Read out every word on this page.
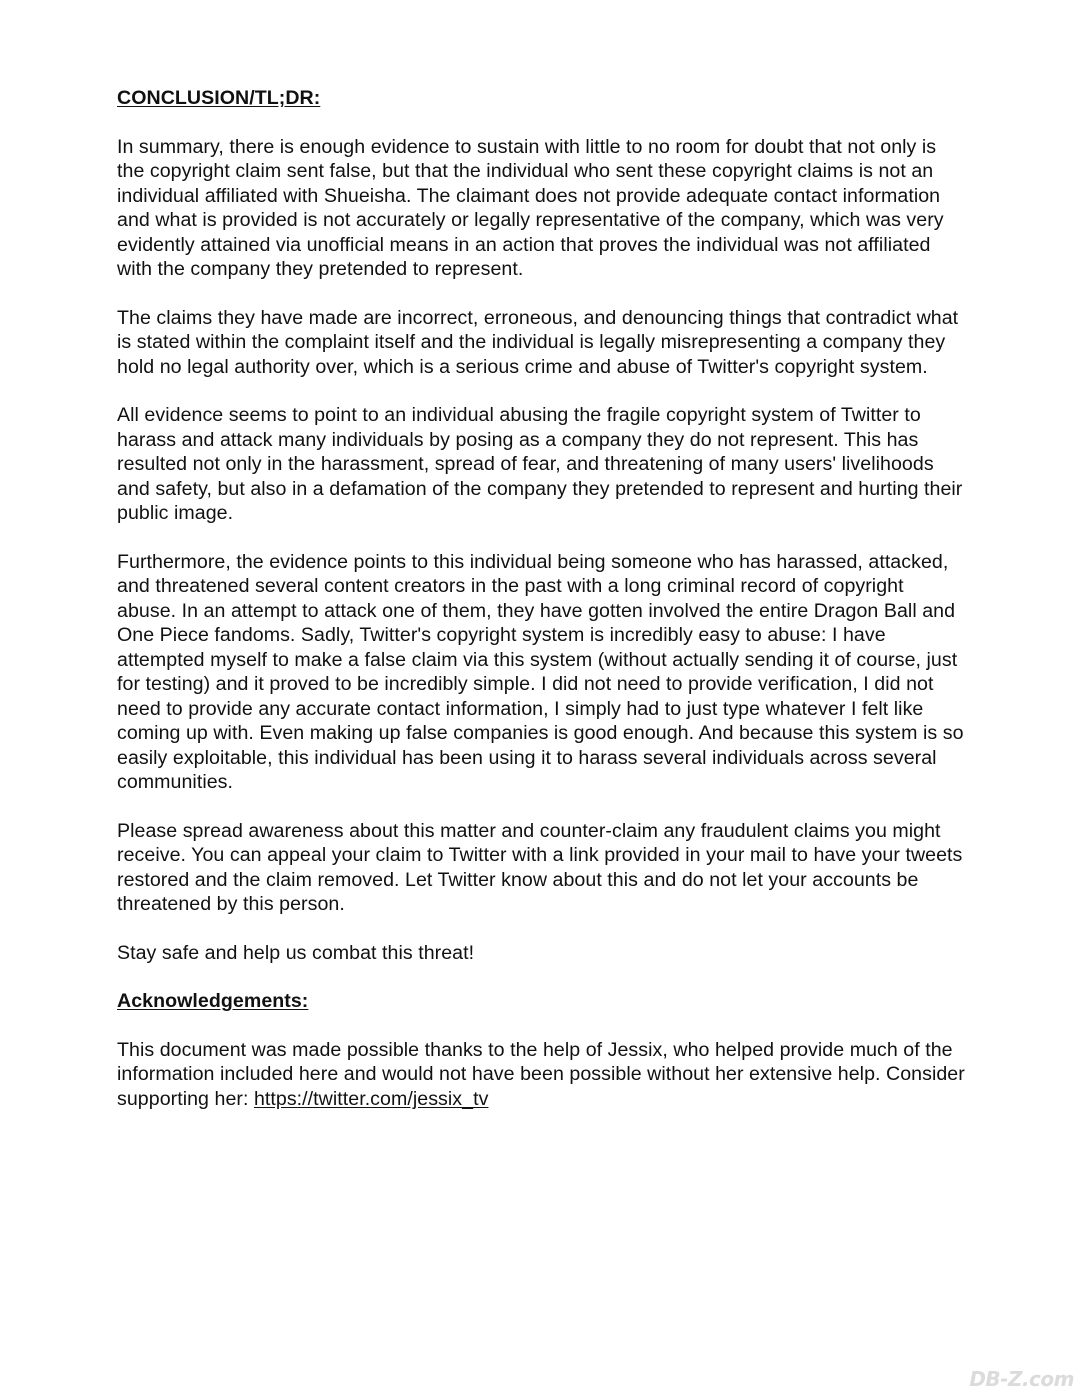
CONCLUSION/TL;DR:

In summary, there is enough evidence to sustain with little to no room for doubt that not only is the copyright claim sent false, but that the individual who sent these copyright claims is not an individual affiliated with Shueisha. The claimant does not provide adequate contact information and what is provided is not accurately or legally representative of the company, which was very evidently attained via unofficial means in an action that proves the individual was not affiliated with the company they pretended to represent.

The claims they have made are incorrect, erroneous, and denouncing things that contradict what is stated within the complaint itself and the individual is legally misrepresenting a company they hold no legal authority over, which is a serious crime and abuse of Twitter's copyright system.

All evidence seems to point to an individual abusing the fragile copyright system of Twitter to harass and attack many individuals by posing as a company they do not represent. This has resulted not only in the harassment, spread of fear, and threatening of many users' livelihoods and safety, but also in a defamation of the company they pretended to represent and hurting their public image.

Furthermore, the evidence points to this individual being someone who has harassed, attacked, and threatened several content creators in the past with a long criminal record of copyright abuse. In an attempt to attack one of them, they have gotten involved the entire Dragon Ball and One Piece fandoms. Sadly, Twitter's copyright system is incredibly easy to abuse: I have attempted myself to make a false claim via this system (without actually sending it of course, just for testing) and it proved to be incredibly simple. I did not need to provide verification, I did not need to provide any accurate contact information, I simply had to just type whatever I felt like coming up with. Even making up false companies is good enough. And because this system is so easily exploitable, this individual has been using it to harass several individuals across several communities.

Please spread awareness about this matter and counter-claim any fraudulent claims you might receive. You can appeal your claim to Twitter with a link provided in your mail to have your tweets restored and the claim removed. Let Twitter know about this and do not let your accounts be threatened by this person.

Stay safe and help us combat this threat!

Acknowledgements:

This document was made possible thanks to the help of Jessix, who helped provide much of the information included here and would not have been possible without her extensive help. Consider supporting her: https://twitter.com/jessix_tv

DB-Z.com
